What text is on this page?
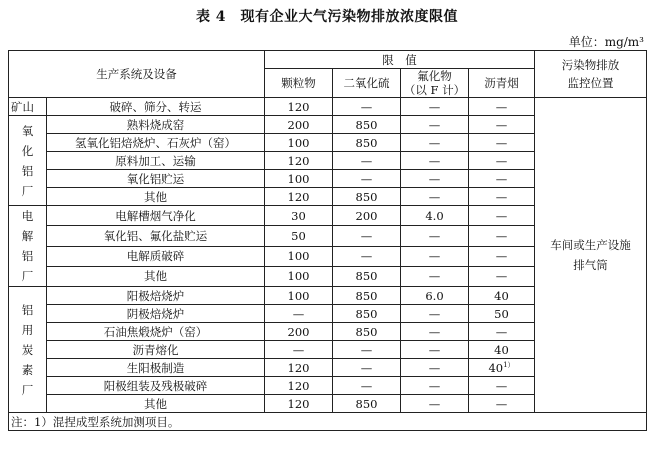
表 4　现有企业大气污染物排放浓度限值
单位：mg/m³
生产系统及设备		限　值				污染物排放
监控位置
		颗粒物	二氧化硫	氟化物
（以 F 计）	沥青烟	
矿山	破碎、筛分、转运	120	—	—	—	车间或生产设施
排气筒
氧
化
铝
厂	熟料烧成窑	200	850	—	—	
	氢氧化铝焙烧炉、石灰炉（窑）	100	850	—	—	
	原料加工、运输	120	—	—	—	
	氧化铝贮运	100	—	—	—	
	其他	120	850	—	—	
电
解
铝
厂	电解槽烟气净化	30	200	4.0	—	
	氧化铝、氟化盐贮运	50	—	—	—	
	电解质破碎	100	—	—	—	
	其他	100	850	—	—	
铝
用
炭
素
厂	阳极焙烧炉	100	850	6.0	40	
	阴极焙烧炉	—	850	—	50	
	石油焦煅烧炉（窑）	200	850	—	—	
	沥青熔化	—	—	—	40	
	生阳极制造	120	—	—	$40^{1)}$
	阳极组装及残极破碎	120	—	—	—	
	其他	120	850	—	—	
注：1）混捏成型系统加测项目。						
